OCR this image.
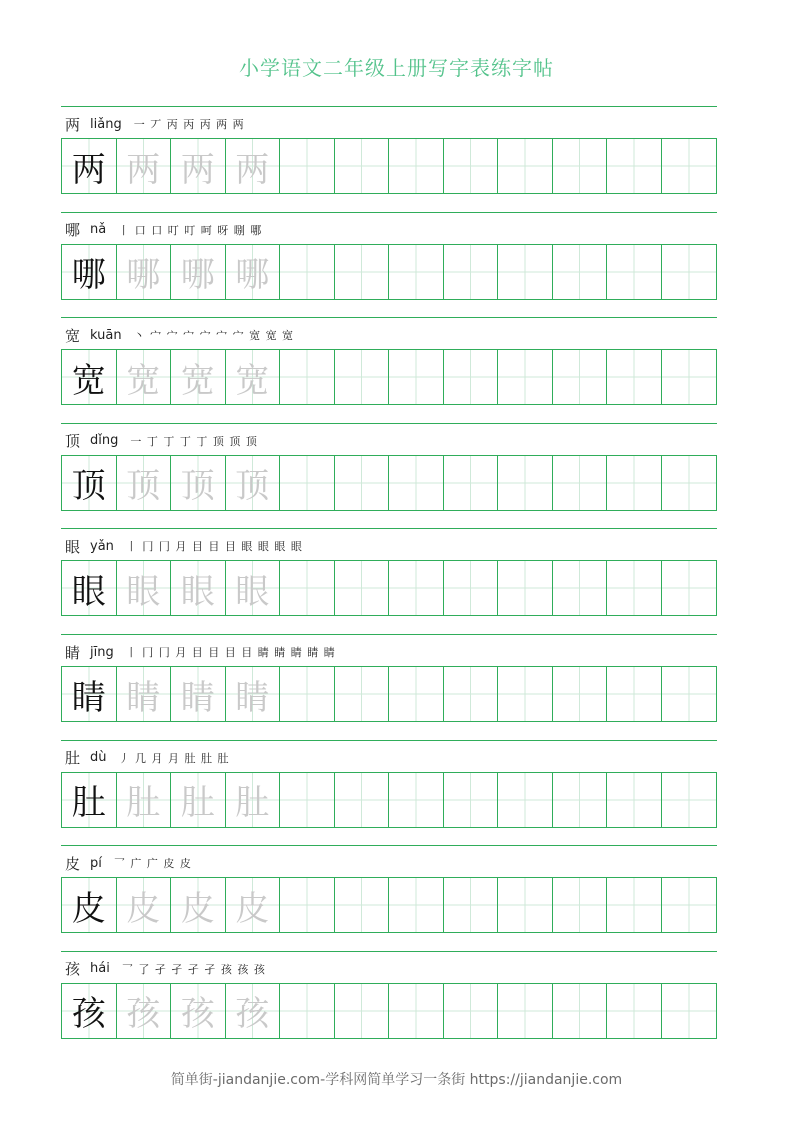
小学语文二年级上册写字表练字帖
两 liǎng 一 丆 丙 丙 丙 两 两
两 两 两 两
哪 nǎ 丨 口 口 叮 叮 呵 呀 哵 哪
哪 哪 哪 哪
宽 kuān 丶 宀 宀 宀 宀 宀 宀 宽 宽 宽
宽 宽 宽 宽
顶 dǐng 一 丁 丁 丁 丁 顶 顶 顶
顶 顶 顶 顶
眼 yǎn 丨 冂 冂 月 目 目 目 眼 眼 眼 眼
眼 眼 眼 眼
睛 jīng 丨 冂 冂 月 目 目 目 目 睛 睛 睛 睛 睛
睛 睛 睛 睛
肚 dù 丿 几 月 月 肚 肚 肚
肚 肚 肚 肚
皮 pí 乛 广 广 皮 皮
皮 皮 皮 皮
孩 hái 乛 了 孑 孑 孑 孑 孩 孩 孩
孩 孩 孩 孩
简单街-jiandanjie.com-学科网简单学习一条街 https://jiandanjie.com
